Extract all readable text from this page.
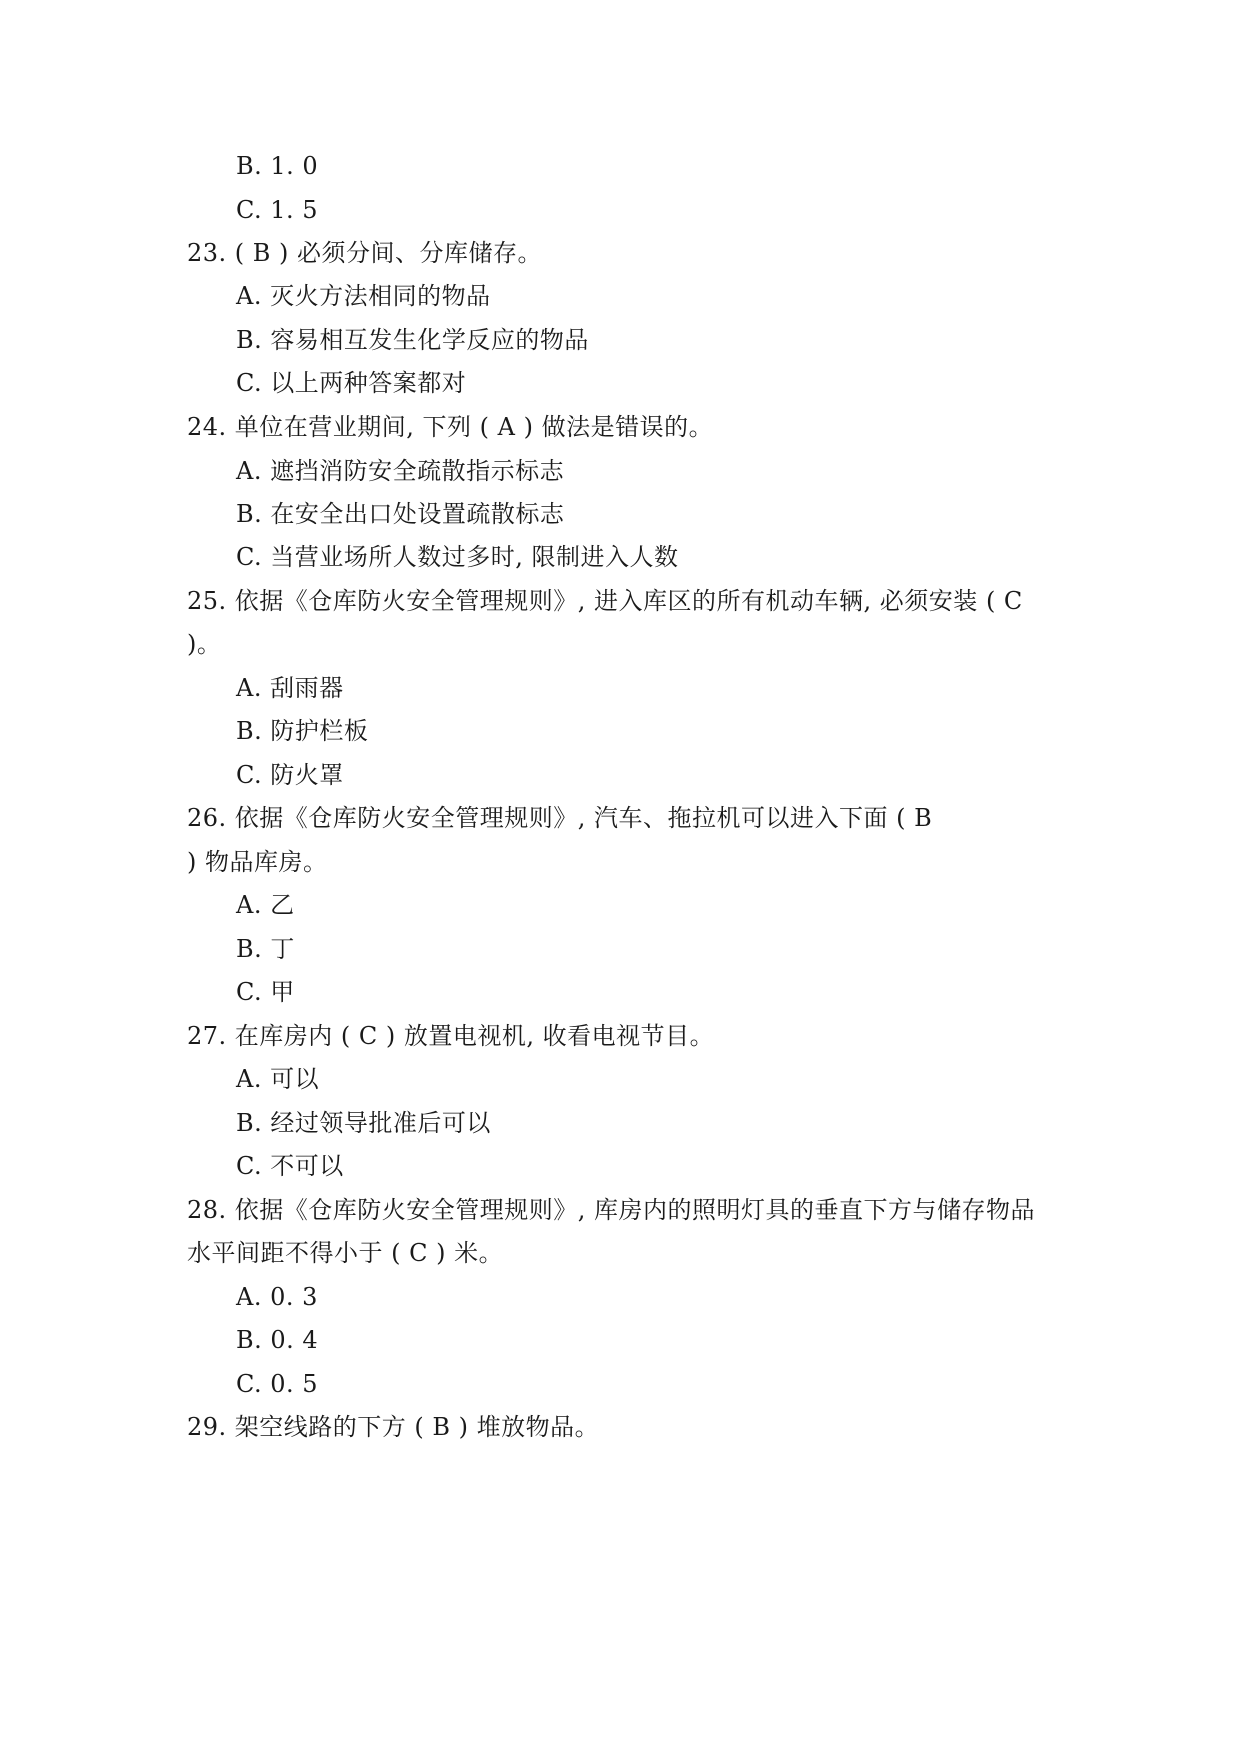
B. 1. 0
C. 1. 5
23. ( B ) 必须分间、分库储存。
A. 灭火方法相同的物品
B. 容易相互发生化学反应的物品
C. 以上两种答案都对
24. 单位在营业期间, 下列 ( A ) 做法是错误的。
A. 遮挡消防安全疏散指示标志
B. 在安全出口处设置疏散标志
C. 当营业场所人数过多时, 限制进入人数
25. 依据《仓库防火安全管理规则》, 进入库区的所有机动车辆, 必须安装 ( C
)。
A. 刮雨器
B. 防护栏板
C. 防火罩
26. 依据《仓库防火安全管理规则》, 汽车、拖拉机可以进入下面 ( B
) 物品库房。
A. 乙
B. 丁
C. 甲
27. 在库房内 ( C ) 放置电视机, 收看电视节目。
A. 可以
B. 经过领导批准后可以
C. 不可以
28. 依据《仓库防火安全管理规则》, 库房内的照明灯具的垂直下方与储存物品
水平间距不得小于 ( C ) 米。
A. 0. 3
B. 0. 4
C. 0. 5
29. 架空线路的下方 ( B ) 堆放物品。
